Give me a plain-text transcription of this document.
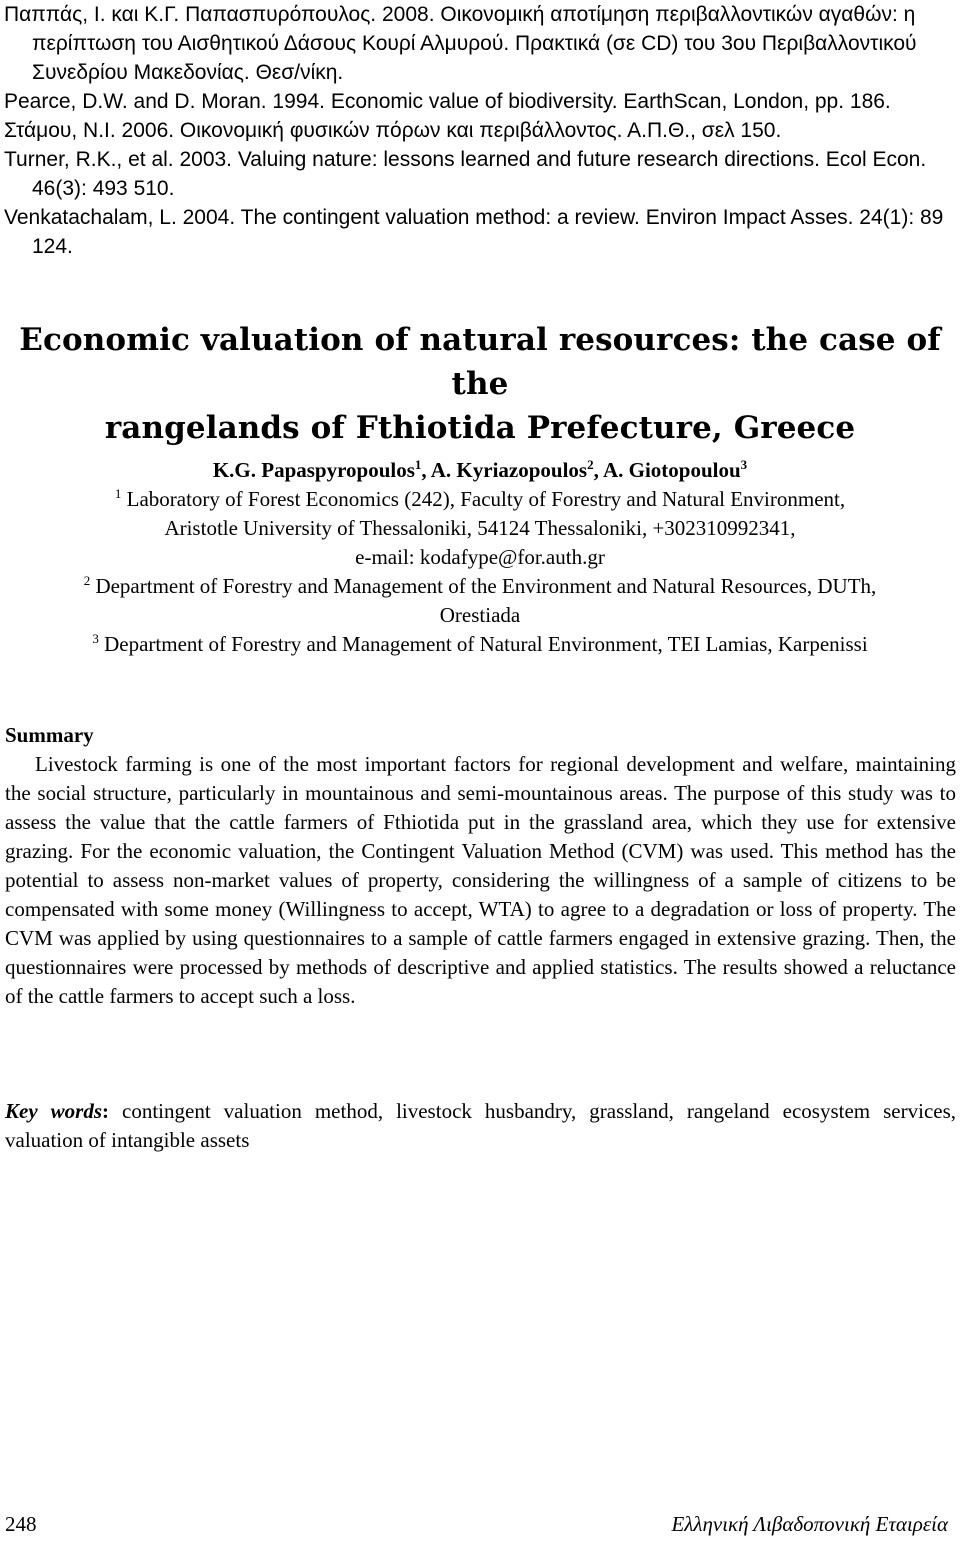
Παππάς, Ι. και Κ.Γ. Παπασπυρόπουλος. 2008. Οικονομική αποτίμηση περιβαλλοντικών αγαθών: η περίπτωση του Αισθητικού Δάσους Κουρί Αλμυρού. Πρακτικά (σε CD) του 3ου Περιβαλλοντικού Συνεδρίου Μακεδονίας. Θεσ/νίκη.

Pearce, D.W. and D. Moran. 1994. Economic value of biodiversity. EarthScan, London, pp. 186.

Στάμου, Ν.Ι. 2006. Οικονομική φυσικών πόρων και περιβάλλοντος. Α.Π.Θ., σελ 150.

Turner, R.K., et al. 2003. Valuing nature: lessons learned and future research directions. Ecol Econ. 46(3): 493 510.

Venkatachalam, L. 2004. The contingent valuation method: a review. Environ Impact Asses. 24(1): 89 124.

Economic valuation of natural resources: the case of the
rangelands of Fthiotida Prefecture, Greece

K.G. Papaspyropoulos$^1$, A. Kyriazopoulos$^2$, A. Giotopoulou$^3$

$^1$ Laboratory of Forest Economics (242), Faculty of Forestry and Natural Environment,

Aristotle University of Thessaloniki, 54124 Thessaloniki, +302310992341,

e-mail: kodafype@for.auth.gr

$^2$ Department of Forestry and Management of the Environment and Natural Resources, DUTh,

Orestiada

$^3$ Department of Forestry and Management of Natural Environment, TEI Lamias, Karpenissi

Summary

Livestock farming is one of the most important factors for regional development and welfare, maintaining the social structure, particularly in mountainous and semi-mountainous areas. The purpose of this study was to assess the value that the cattle farmers of Fthiotida put in the grassland area, which they use for extensive grazing. For the economic valuation, the Contingent Valuation Method (CVM) was used. This method has the potential to assess non-market values of property, considering the willingness of a sample of citizens to be compensated with some money (Willingness to accept, WTA) to agree to a degradation or loss of property. The CVM was applied by using questionnaires to a sample of cattle farmers engaged in extensive grazing. Then, the questionnaires were processed by methods of descriptive and applied statistics. The results showed a reluctance of the cattle farmers to accept such a loss.

Key words: contingent valuation method, livestock husbandry, grassland, rangeland ecosystem services, valuation of intangible assets

248	Ελληνική Λιβαδοπονική Εταιρεία
